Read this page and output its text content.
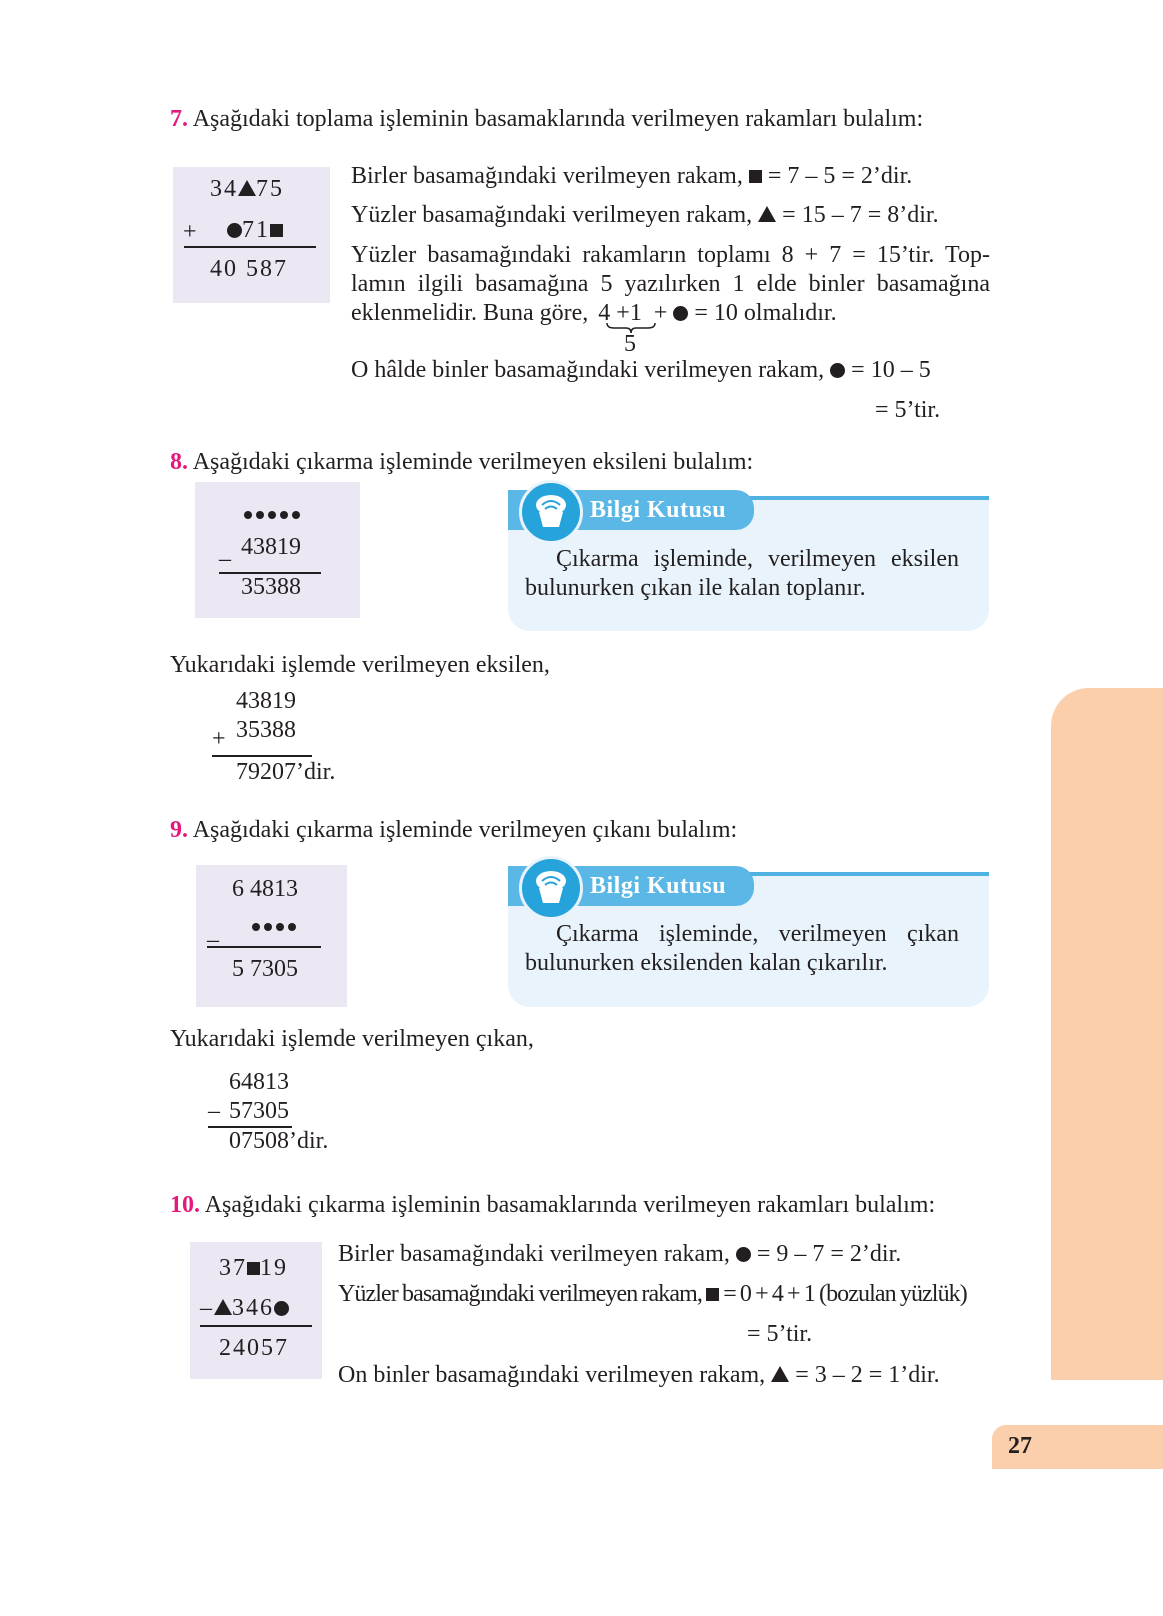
27
7. Aşağıdaki toplama işleminin basamaklarında verilmeyen rakamları bulalım:
34 75
+	71
40 587
Birler basamağındaki verilmeyen rakam, = 7 – 5 = 2’dir.
Yüzler basamağındaki verilmeyen rakam, = 15 – 7 = 8’dir.
Yüzler basamağındaki rakamların toplamı 8 + 7 = 15’tir. Top-
lamın ilgili basamağına 5 yazılırken 1 elde binler basamağına
eklenmelidir. Buna göre, 4 +1 + = 10 olmalıdır.
5
O hâlde binler basamağındaki verilmeyen rakam, = 10 – 5
= 5’tir.
8. Aşağıdaki çıkarma işleminde verilmeyen eksileni bulalım:
_ 43819
35388
Bilgi Kutusu
Çıkarma işleminde, verilmeyen eksilen
bulunurken çıkan ile kalan toplanır.
Yukarıdaki işlemde verilmeyen eksilen,
43819
+ 35388
79207’dir.
9. Aşağıdaki çıkarma işleminde verilmeyen çıkanı bulalım:
6 4813
_
5 7305
Bilgi Kutusu
Çıkarma işleminde, verilmeyen çıkan
bulunurken eksilenden kalan çıkarılır.
Yukarıdaki işlemde verilmeyen çıkan,
64813
– 57305
07508’dir.
10. Aşağıdaki çıkarma işleminin basamaklarında verilmeyen rakamları bulalım:
37 19
– 346
24057
Birler basamağındaki verilmeyen rakam, = 9 – 7 = 2’dir.
Yüzler basamağındaki verilmeyen rakam, = 0 + 4 + 1 (bozulan yüzlük)
= 5’tir.
On binler basamağındaki verilmeyen rakam, = 3 – 2 = 1’dir.
